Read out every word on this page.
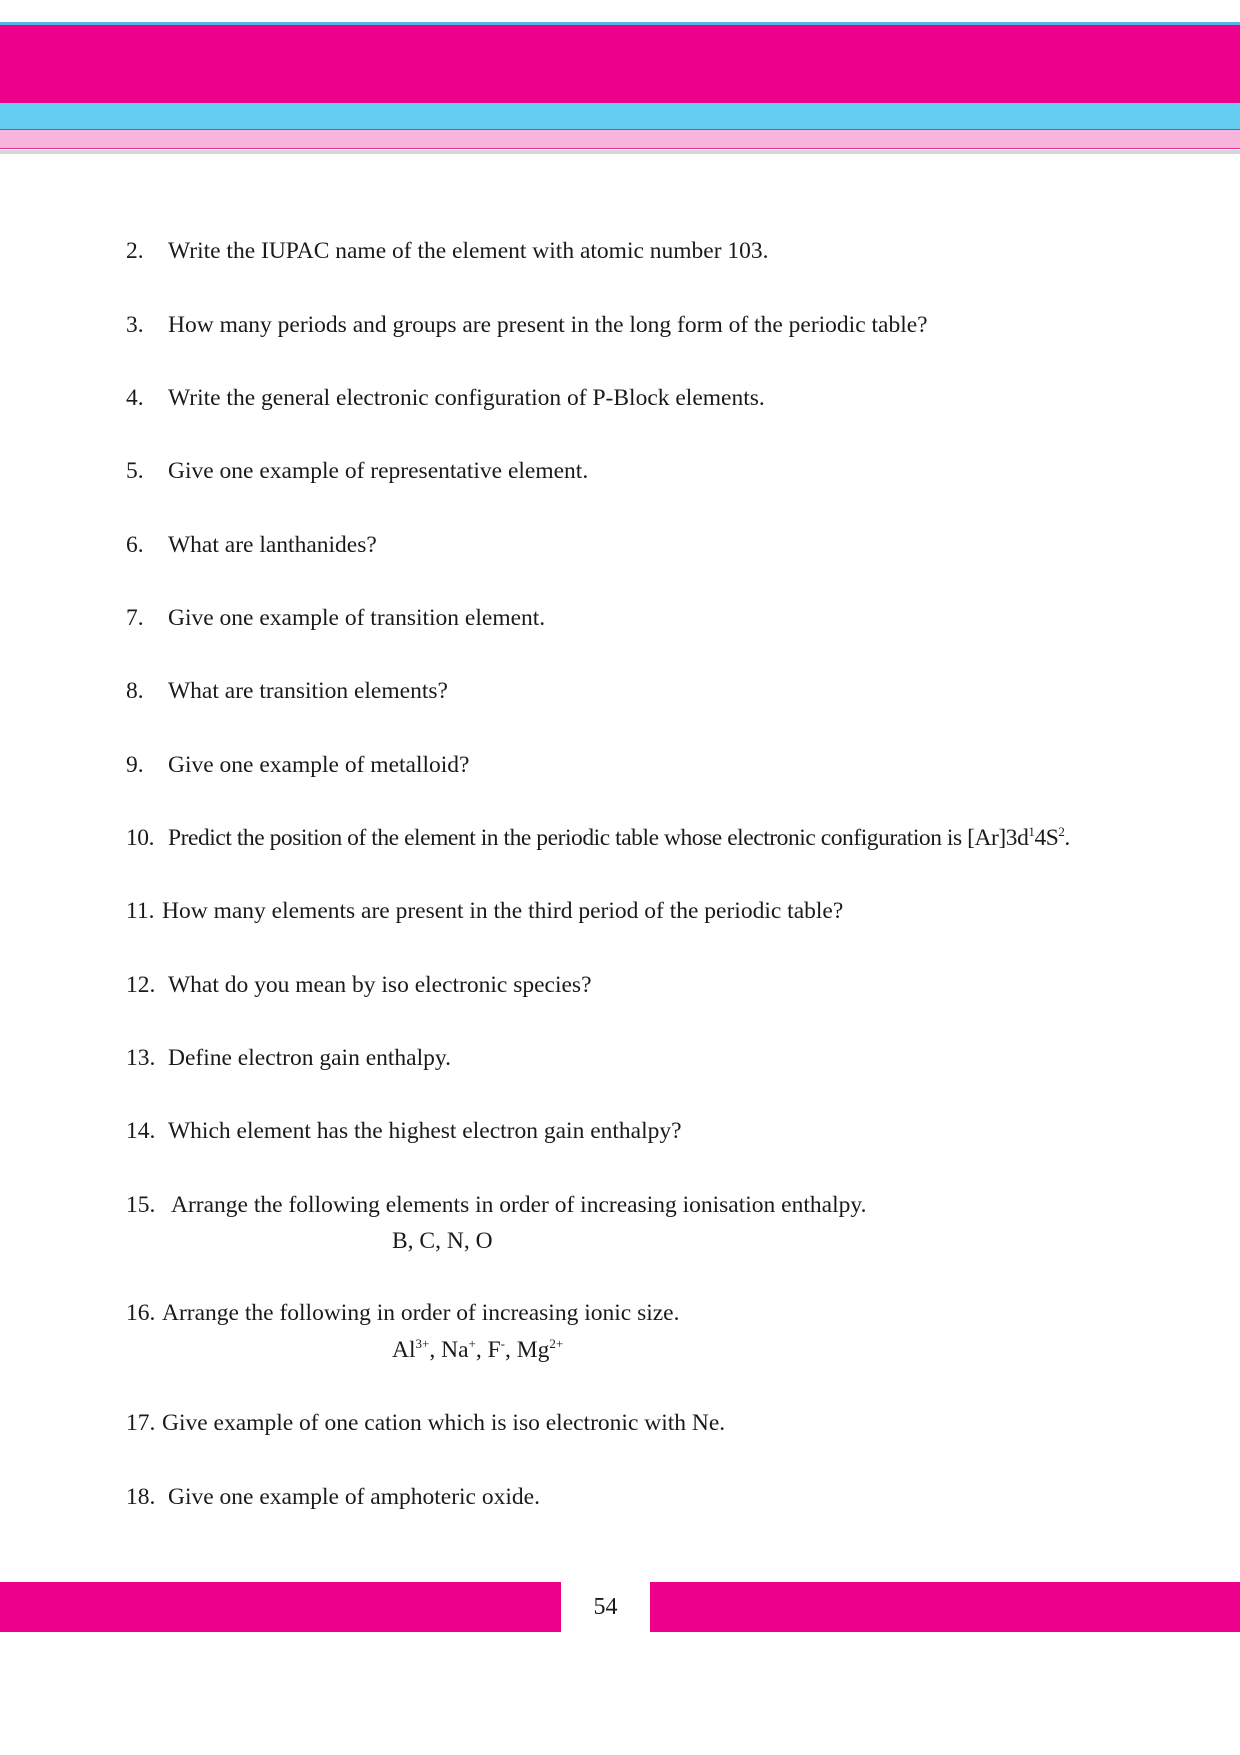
2. Write the IUPAC name of the element with atomic number 103.
3. How many periods and groups are present in the long form of the periodic table?
4. Write the general electronic configuration of P-Block elements.
5. Give one example of representative element.
6. What are lanthanides?
7. Give one example of transition element.
8. What are transition elements?
9. Give one example of metalloid?
10. Predict the position of the element in the periodic table whose electronic configuration is $[Ar]3d^14S^2$.
11. How many elements are present in the third period of the periodic table?
12. What do you mean by iso electronic species?
13. Define electron gain enthalpy.
14. Which element has the highest electron gain enthalpy?
15. Arrange the following elements in order of increasing ionisation enthalpy.
B, C, N, O
16. Arrange the following in order of increasing ionic size.
$Al^{3+}$, Na+, F-, $Mg^{2+}$
17. Give example of one cation which is iso electronic with Ne.
18. Give one example of amphoteric oxide.
54
